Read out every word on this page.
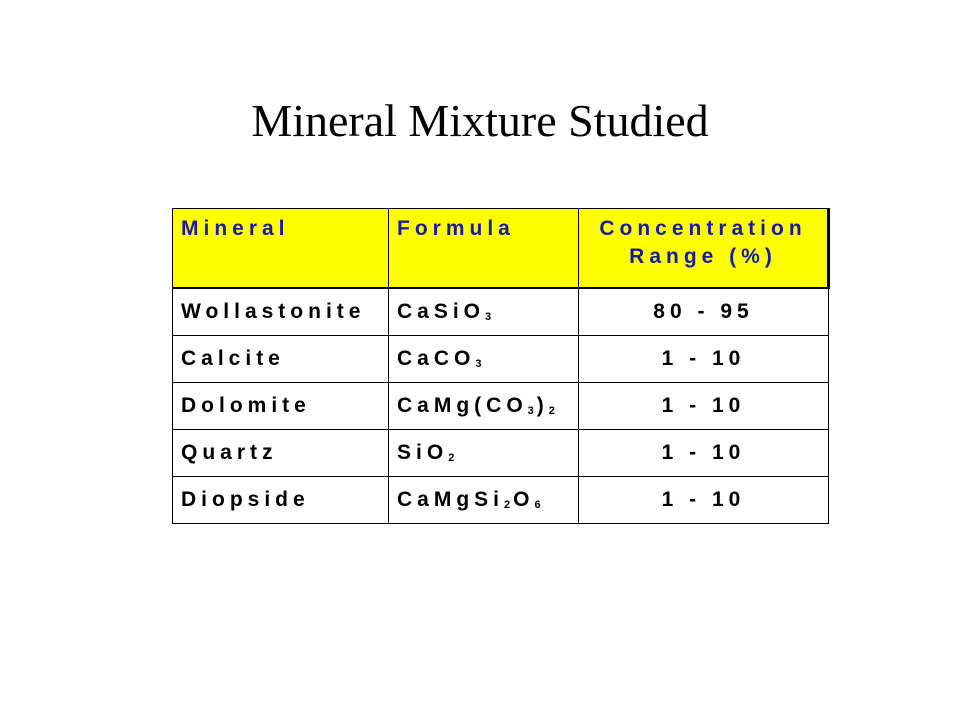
Mineral Mixture Studied
Mineral	Formula	Concentration
Range (%)

Wollastonite	CaSiO$_3$	80 - 95
Calcite	CaCO$_3$	1 - 10
Dolomite	$CaMg(CO_3)_2$	1 - 10
Quartz	SiO$_2$	1 - 10
Diopside	$CaMgSi_2O_6$	1 - 10
